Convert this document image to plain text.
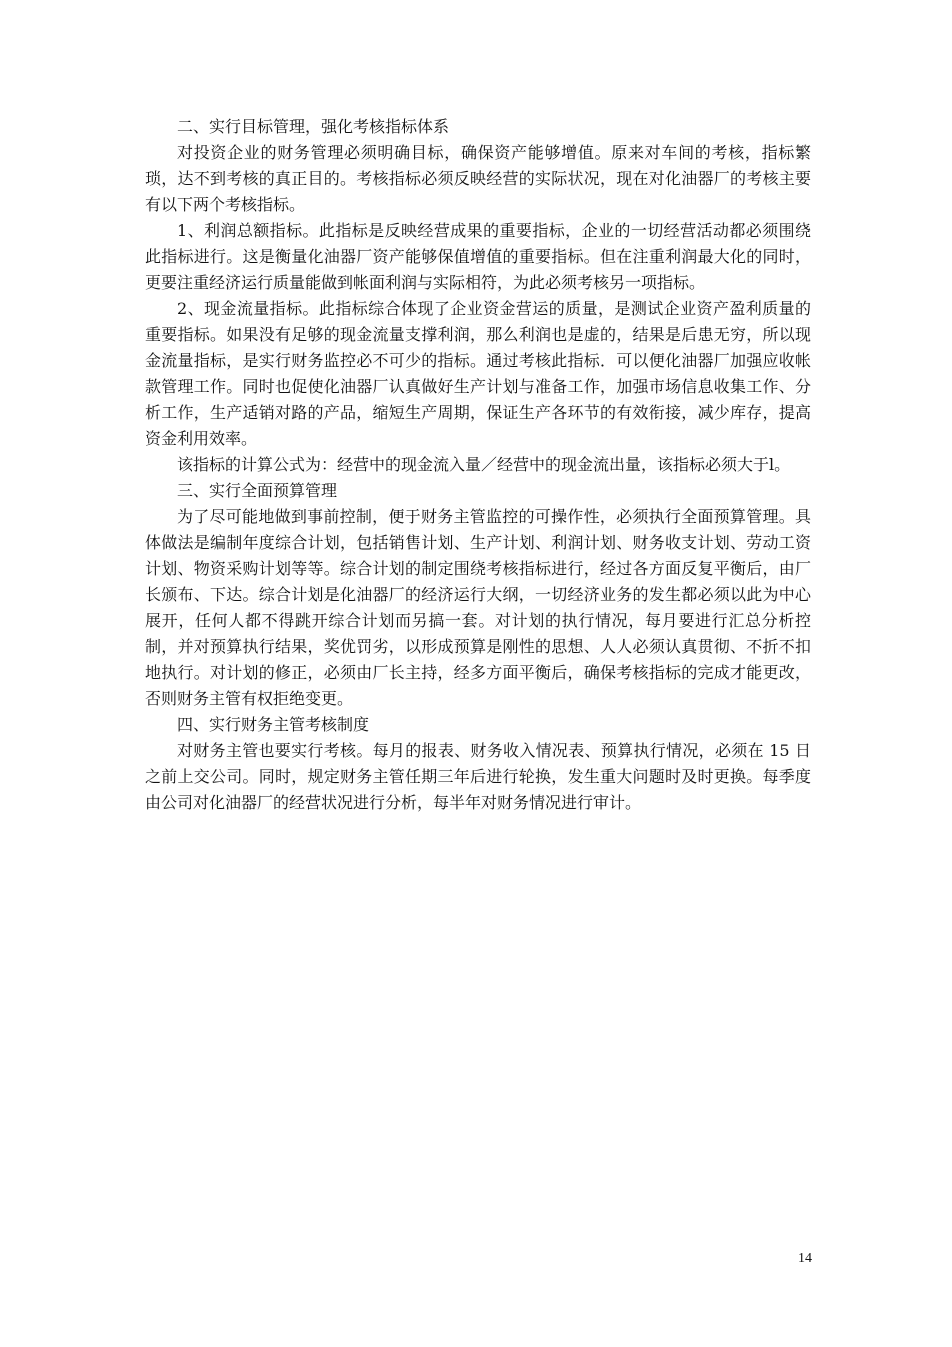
二、实行目标管理，强化考核指标体系

对投资企业的财务管理必须明确目标，确保资产能够增值。原来对车间的考核，指标繁琐，达不到考核的真正目的。考核指标必须反映经营的实际状况，现在对化油器厂的考核主要有以下两个考核指标。

1、利润总额指标。此指标是反映经营成果的重要指标，企业的一切经营活动都必须围绕此指标进行。这是衡量化油器厂资产能够保值增值的重要指标。但在注重利润最大化的同时，更要注重经济运行质量能做到帐面利润与实际相符，为此必须考核另一项指标。

2、现金流量指标。此指标综合体现了企业资金营运的质量，是测试企业资产盈利质量的重要指标。如果没有足够的现金流量支撑利润，那么利润也是虚的，结果是后患无穷，所以现金流量指标，是实行财务监控必不可少的指标。通过考核此指标．可以便化油器厂加强应收帐款管理工作。同时也促使化油器厂认真做好生产计划与准备工作，加强市场信息收集工作、分析工作，生产适销对路的产品，缩短生产周期，保证生产各环节的有效衔接，减少库存，提高资金利用效率。

该指标的计算公式为：经营中的现金流入量／经营中的现金流出量，该指标必须大于l。

三、实行全面预算管理

为了尽可能地做到事前控制，便于财务主管监控的可操作性，必须执行全面预算管理。具体做法是编制年度综合计划，包括销售计划、生产计划、利润计划、财务收支计划、劳动工资计划、物资采购计划等等。综合计划的制定围绕考核指标进行，经过各方面反复平衡后，由厂长颁布、下达。综合计划是化油器厂的经济运行大纲，一切经济业务的发生都必须以此为中心展开，任何人都不得跳开综合计划而另搞一套。对计划的执行情况，每月要进行汇总分析控制，并对预算执行结果，奖优罚劣，以形成预算是刚性的思想、人人必须认真贯彻、不折不扣地执行。对计划的修正，必须由厂长主持，经多方面平衡后，确保考核指标的完成才能更改，否则财务主管有权拒绝变更。

四、实行财务主管考核制度

对财务主管也要实行考核。每月的报表、财务收入情况表、预算执行情况，必须在 15 日之前上交公司。同时，规定财务主管任期三年后进行轮换，发生重大问题时及时更换。每季度由公司对化油器厂的经营状况进行分析，每半年对财务情况进行审计。

14
